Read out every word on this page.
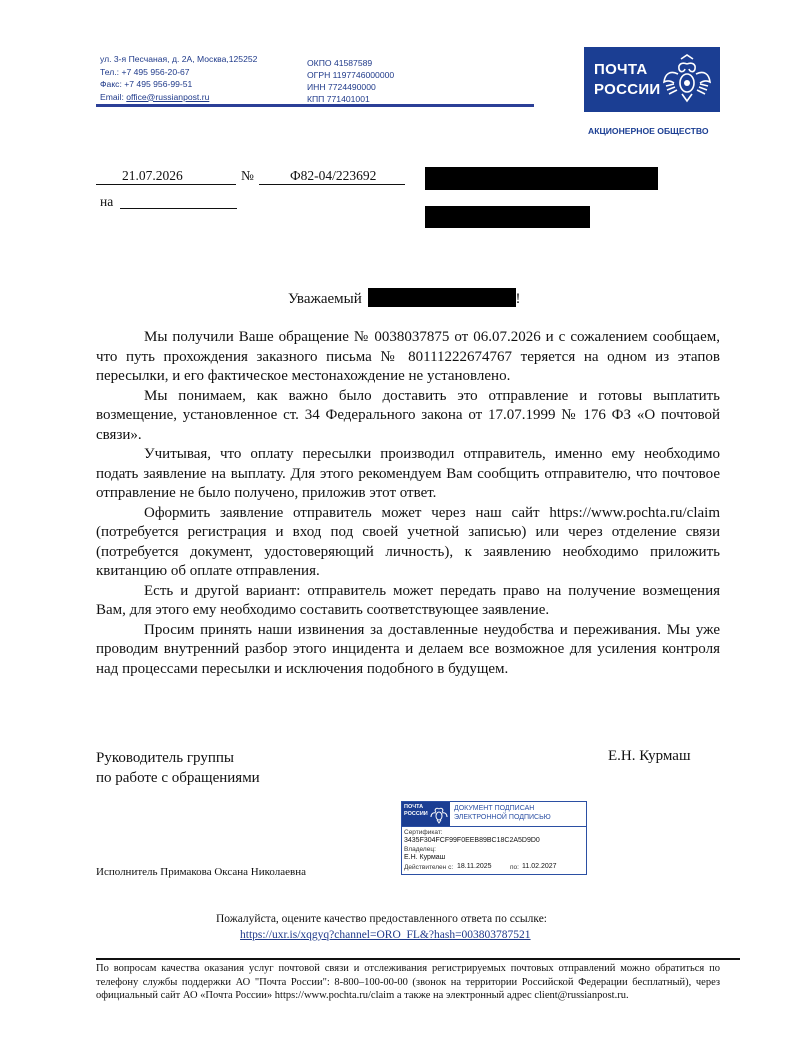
ул. 3-я Песчаная, д. 2А, Москва,125252
Тел.: +7 495 956-20-67
Факс: +7 495 956-99-51
Email: office@russianpost.ru
ОКПО 41587589
ОГРН 1197746000000
ИНН 7724490000
КПП 771401001
ПОЧТА
РОССИИ
АКЦИОНЕРНОЕ ОБЩЕСТВО
21.07.2026	№	Ф82-04/223692
на
Уважаемый	!

Мы получили Ваше обращение № 0038037875 от 06.07.2026 и с сожалением сообщаем, что путь прохождения заказного письма № 80111222674767 теряется на одном из этапов пересылки, и его фактическое местонахождение не установлено.

Мы понимаем, как важно было доставить это отправление и готовы выплатить возмещение, установленное ст. 34 Федерального закона от 17.07.1999 № 176 ФЗ «О почтовой связи».

Учитывая, что оплату пересылки производил отправитель, именно ему необходимо подать заявление на выплату. Для этого рекомендуем Вам сообщить отправителю, что почтовое отправление не было получено, приложив этот ответ.

Оформить заявление отправитель может через наш сайт https://www.pochta.ru/claim (потребуется регистрация и вход под своей учетной записью) или через отделение связи (потребуется документ, удостоверяющий личность), к заявлению необходимо приложить квитанцию об оплате отправления.

Есть и другой вариант: отправитель может передать право на получение возмещения Вам, для этого ему необходимо составить соответствующее заявление.

Просим принять наши извинения за доставленные неудобства и переживания. Мы уже проводим внутренний разбор этого инцидента и делаем все возможное для усиления контроля над процессами пересылки и исключения подобного в будущем.

Руководитель группы
по работе с обращениями
Е.Н. Курмаш
ПОЧТА
РОССИИ
ДОКУМЕНТ ПОДПИСАН
ЭЛЕКТРОННОЙ ПОДПИСЬЮ
Сертификат:
3435F304FCF99F0EEB89BC18C2A5D9D0
Владелец:
Е.Н. Курмаш
Действителен с: 18.11.2025	по: 11.02.2027
Исполнитель Примакова Оксана Николаевна
Пожалуйста, оцените качество предоставленного ответа по ссылке:
https://uxr.is/xqgyq?channel=ORO_FL&?hash=003803787521
По вопросам качества оказания услуг почтовой связи и отслеживания регистрируемых почтовых отправлений можно обратиться по телефону службы поддержки АО "Почта России": 8-800–100-00-00 (звонок на территории Российской Федерации бесплатный), через официальный сайт АО «Почта России» https://www.pochta.ru/claim а также на электронный адрес client@russianpost.ru.
